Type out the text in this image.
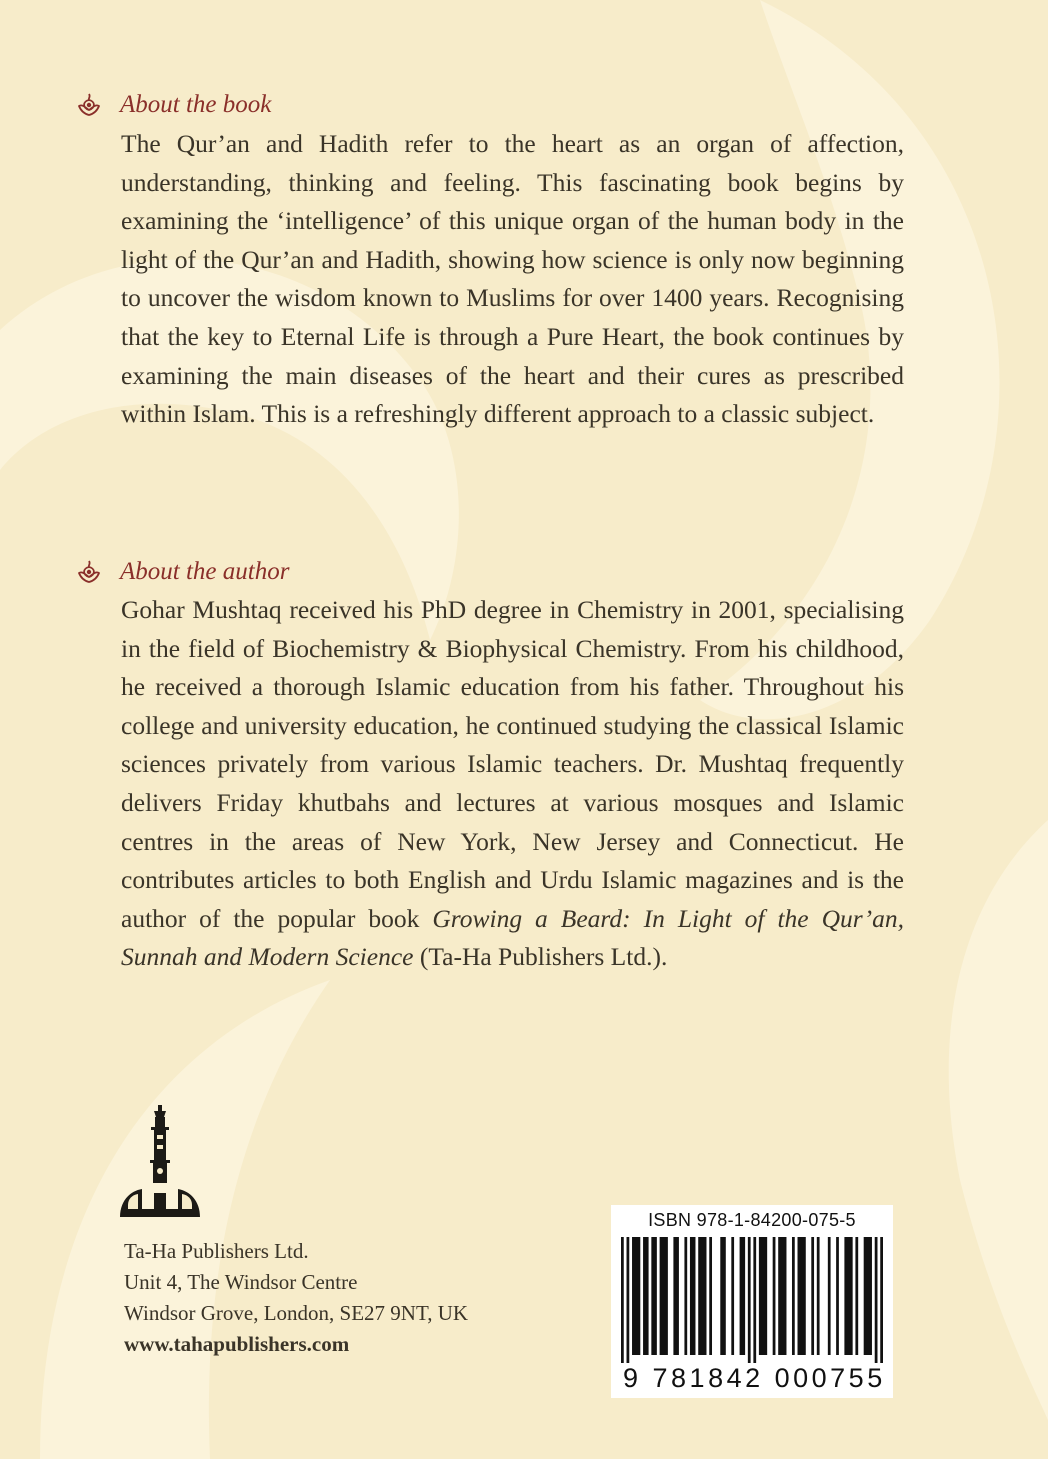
About the book

The Qur’an and Hadith refer to the heart as an organ of affection, understanding, thinking and feeling. This fascinating book begins by examining the ‘intelligence’ of this unique organ of the human body in the light of the Qur’an and Hadith, showing how science is only now beginning to uncover the wisdom known to Muslims for over 1400 years. Recognising that the key to Eternal Life is through a Pure Heart, the book continues by examining the main diseases of the heart and their cures as prescribed within Islam. This is a refreshingly different approach to a classic subject.

About the author

Gohar Mushtaq received his PhD degree in Chemistry in 2001, specialising in the field of Biochemistry & Biophysical Chemistry. From his childhood, he received a thorough Islamic education from his father. Throughout his college and university education, he continued studying the classical Islamic sciences privately from various Islamic teachers. Dr. Mushtaq frequently delivers Friday khutbahs and lectures at various mosques and Islamic centres in the areas of New York, New Jersey and Connecticut. He contributes articles to both English and Urdu Islamic magazines and is the author of the popular book Growing a Beard: In Light of the Qur’an, Sunnah and Modern Science (Ta-Ha Publishers Ltd.).

Ta-Ha Publishers Ltd.
Unit 4, The Windsor Centre
Windsor Grove, London, SE27 9NT, UK
www.tahapublishers.com
ISBN 978-1-84200-075-5
9 781842 000755
